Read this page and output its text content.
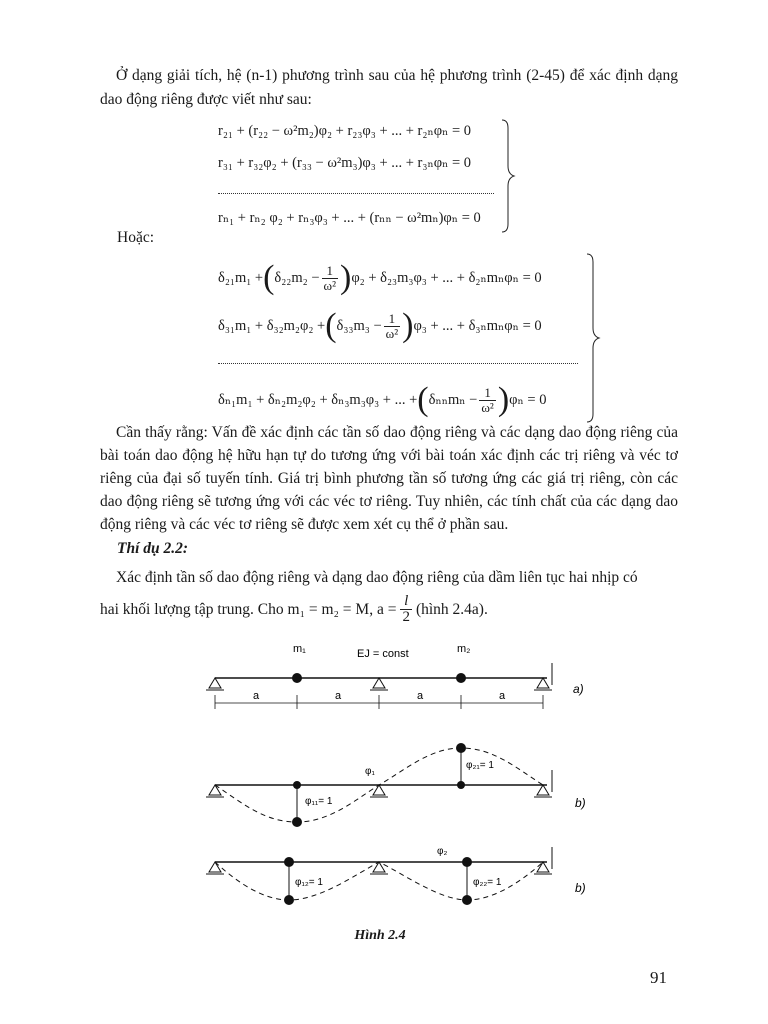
Ở dạng giải tích, hệ (n-1) phương trình sau của hệ phương trình (2-45) để xác định dạng dao động riêng được viết như sau:
r₂₁ + (r₂₂ − ω²m₂)φ₂ + r₂₃φ₃ + ... + r₂ₙφₙ = 0
r₃₁ + r₃₂φ₂ + (r₃₃ − ω²m₃)φ₃ + ... + r₃ₙφₙ = 0
rₙ₁ + rₙ₂ φ₂ + rₙ₃φ₃ + ... + (rₙₙ − ω²mₙ)φₙ = 0
Hoặc:
δ₂₁m₁ + ( $\delta_{22}m_2 - \frac{1}{\text{ω²}}$ ) φ₂ + δ₂₃m₃φ₃ + ... + δ₂ₙmₙφₙ = 0
δ₃₁m₁ + δ₃₂m₂φ₂ + ( $\delta_{33}m_3 - \frac{1}{\text{ω²}}$ ) φ₃ + ... + δ₃ₙmₙφₙ = 0
δₙ₁m₁ + δₙ₂m₂φ₂ + δₙ₃m₃φ₃ + ... + ( $\delta_{nn}m_n - \frac{1}{\text{ω²}}$ ) φₙ = 0
Cần thấy rằng: Vấn đề xác định các tần số dao động riêng và các dạng dao động riêng của bài toán dao động hệ hữu hạn tự do tương ứng với bài toán xác định các trị riêng và véc tơ riêng của đại số tuyến tính. Giá trị bình phương tần số tương ứng các giá trị riêng, còn các dao động riêng sẽ tương ứng với các véc tơ riêng. Tuy nhiên, các tính chất của các dạng dao động riêng và các véc tơ riêng sẽ được xem xét cụ thể ở phần sau.
Thí dụ 2.2:
Xác định tần số dao động riêng và dạng dao động riêng của dầm liên tục hai nhịp có
hai khối lượng tập trung. Cho m₁ = m₂ = M, $a = \frac{l}{2}$ (hình 2.4a).
m₁	m₂
EJ = const
a	a	a	a	a)
φ₁₁= 1
φ₂₁= 1
φ₁
b)
φ₁₂= 1	φ₂₂= 1
φ₂
b)
Hình 2.4
91
